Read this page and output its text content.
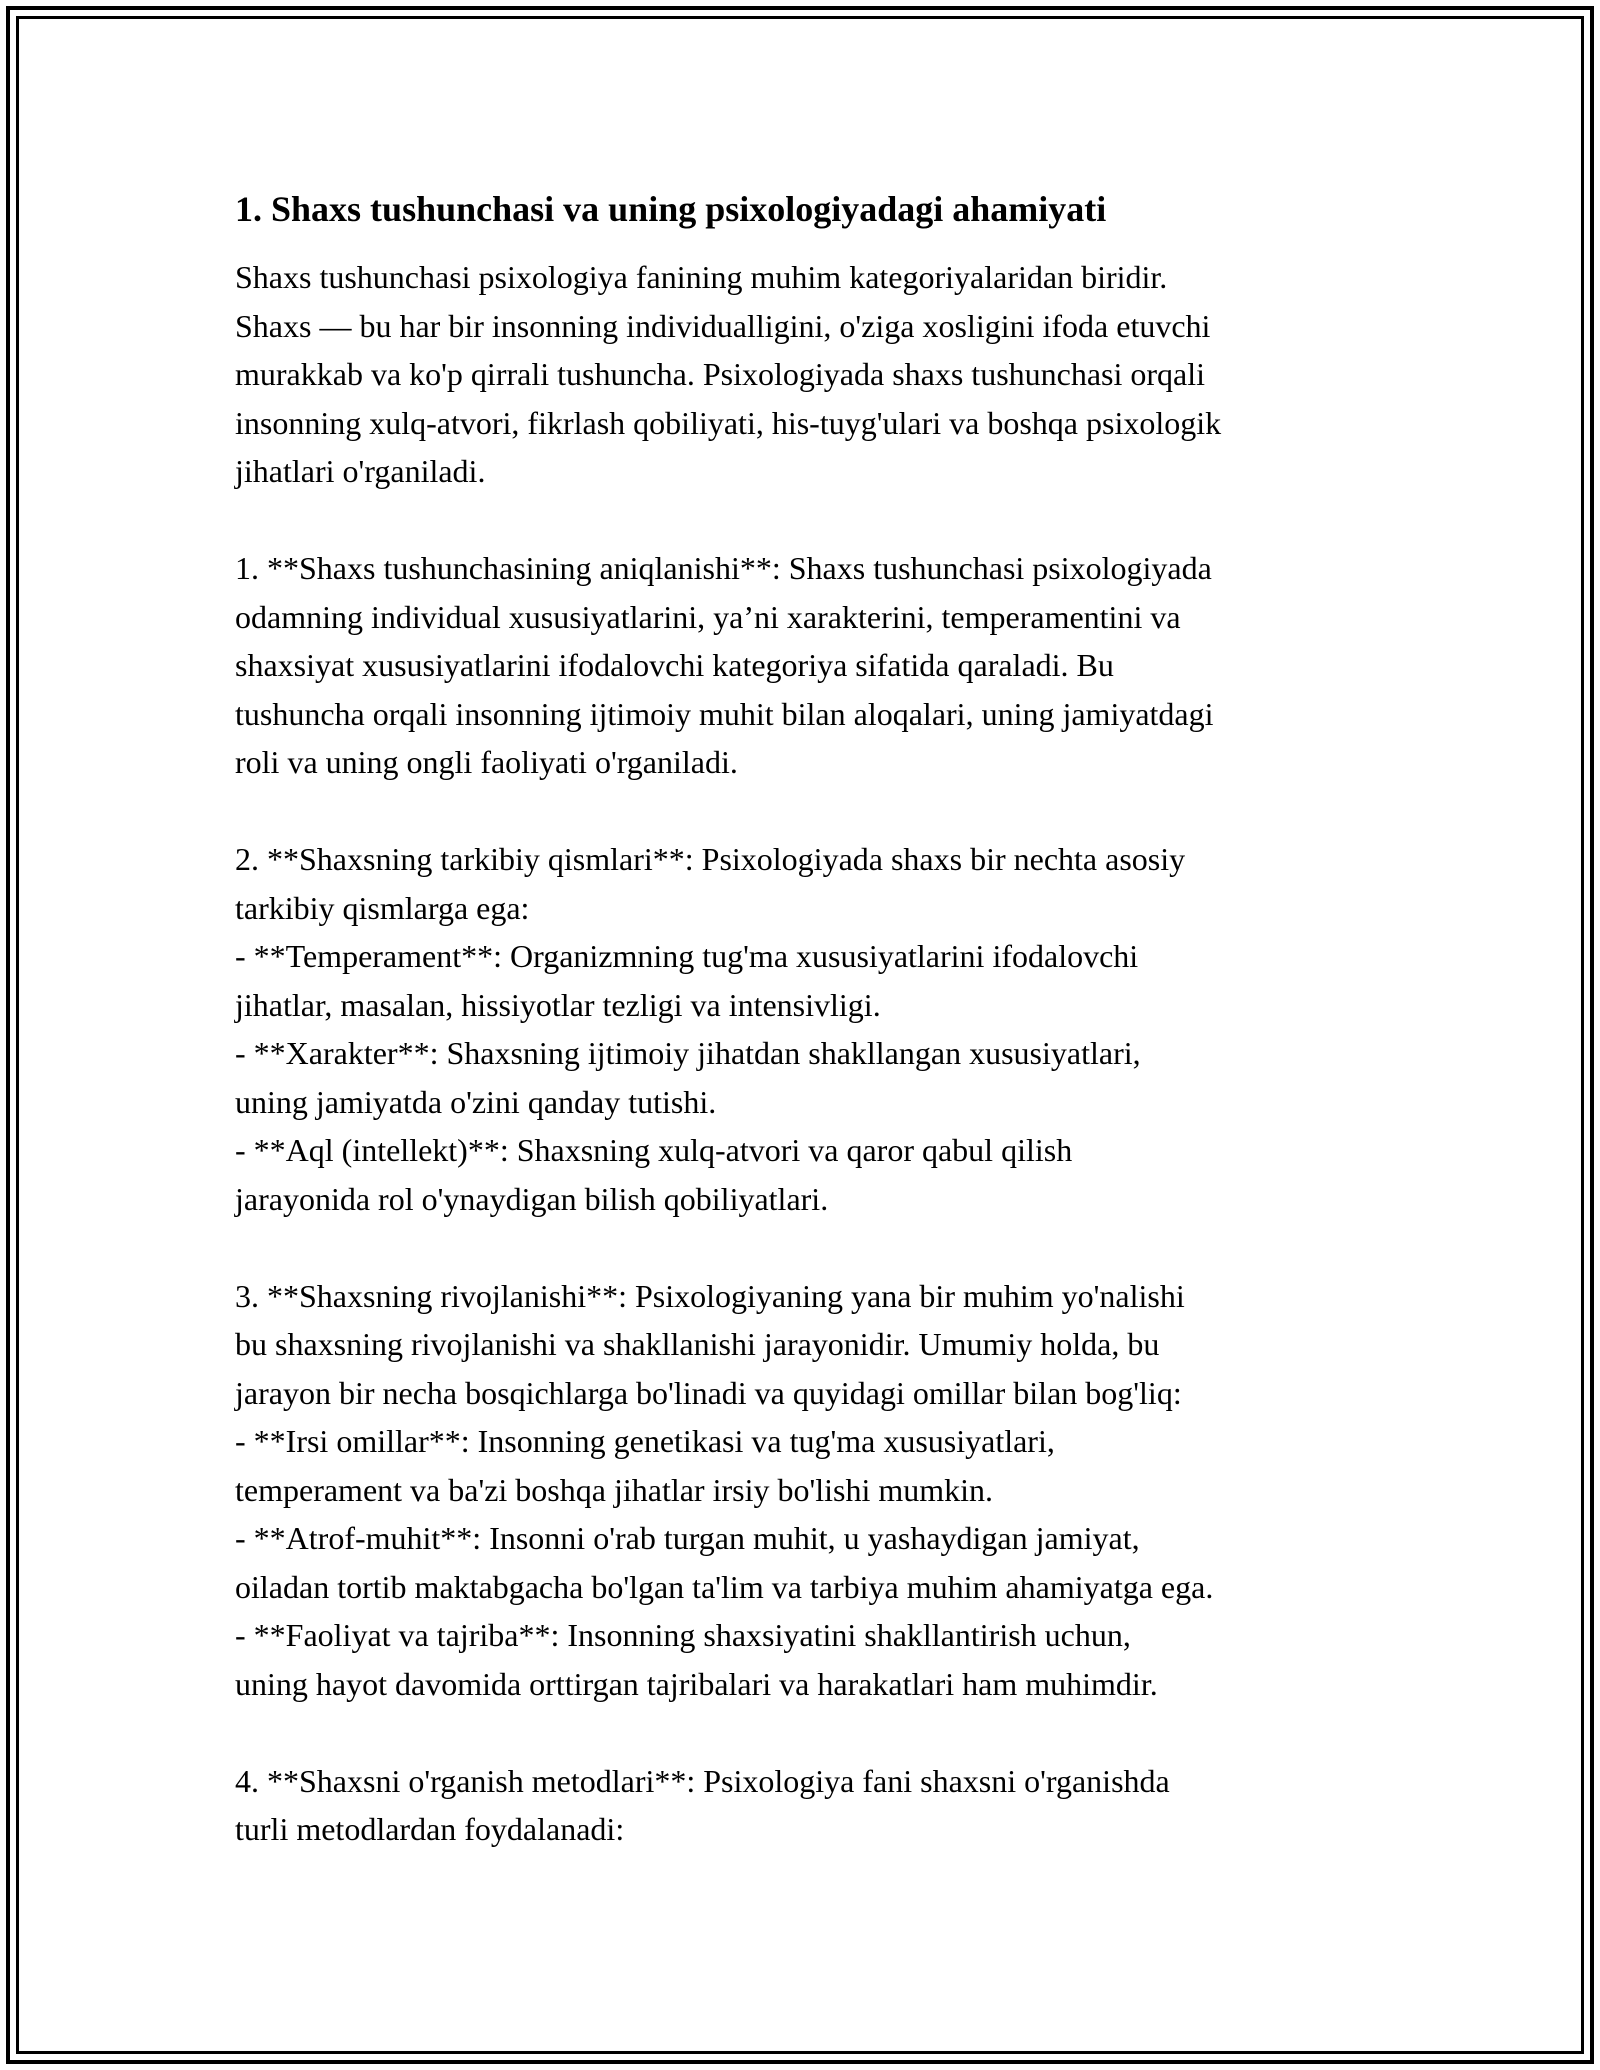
1. Shaxs tushunchasi va uning psixologiyadagi ahamiyati

Shaxs tushunchasi psixologiya fanining muhim kategoriyalaridan biridir.
Shaxs — bu har bir insonning individualligini, o'ziga xosligini ifoda etuvchi
murakkab va ko'p qirrali tushuncha. Psixologiyada shaxs tushunchasi orqali
insonning xulq-atvori, fikrlash qobiliyati, his-tuyg'ulari va boshqa psixologik
jihatlari o'rganiladi.

1. **Shaxs tushunchasining aniqlanishi**: Shaxs tushunchasi psixologiyada
odamning individual xususiyatlarini, ya’ni xarakterini, temperamentini va
shaxsiyat xususiyatlarini ifodalovchi kategoriya sifatida qaraladi. Bu
tushuncha orqali insonning ijtimoiy muhit bilan aloqalari, uning jamiyatdagi
roli va uning ongli faoliyati o'rganiladi.

2. **Shaxsning tarkibiy qismlari**: Psixologiyada shaxs bir nechta asosiy
tarkibiy qismlarga ega:
- **Temperament**: Organizmning tug'ma xususiyatlarini ifodalovchi
jihatlar, masalan, hissiyotlar tezligi va intensivligi.
- **Xarakter**: Shaxsning ijtimoiy jihatdan shakllangan xususiyatlari,
uning jamiyatda o'zini qanday tutishi.
- **Aql (intellekt)**: Shaxsning xulq-atvori va qaror qabul qilish
jarayonida rol o'ynaydigan bilish qobiliyatlari.

3. **Shaxsning rivojlanishi**: Psixologiyaning yana bir muhim yo'nalishi
bu shaxsning rivojlanishi va shakllanishi jarayonidir. Umumiy holda, bu
jarayon bir necha bosqichlarga bo'linadi va quyidagi omillar bilan bog'liq:
- **Irsi omillar**: Insonning genetikasi va tug'ma xususiyatlari,
temperament va ba'zi boshqa jihatlar irsiy bo'lishi mumkin.
- **Atrof-muhit**: Insonni o'rab turgan muhit, u yashaydigan jamiyat,
oiladan tortib maktabgacha bo'lgan ta'lim va tarbiya muhim ahamiyatga ega.
- **Faoliyat va tajriba**: Insonning shaxsiyatini shakllantirish uchun,
uning hayot davomida orttirgan tajribalari va harakatlari ham muhimdir.

4. **Shaxsni o'rganish metodlari**: Psixologiya fani shaxsni o'rganishda
turli metodlardan foydalanadi:
